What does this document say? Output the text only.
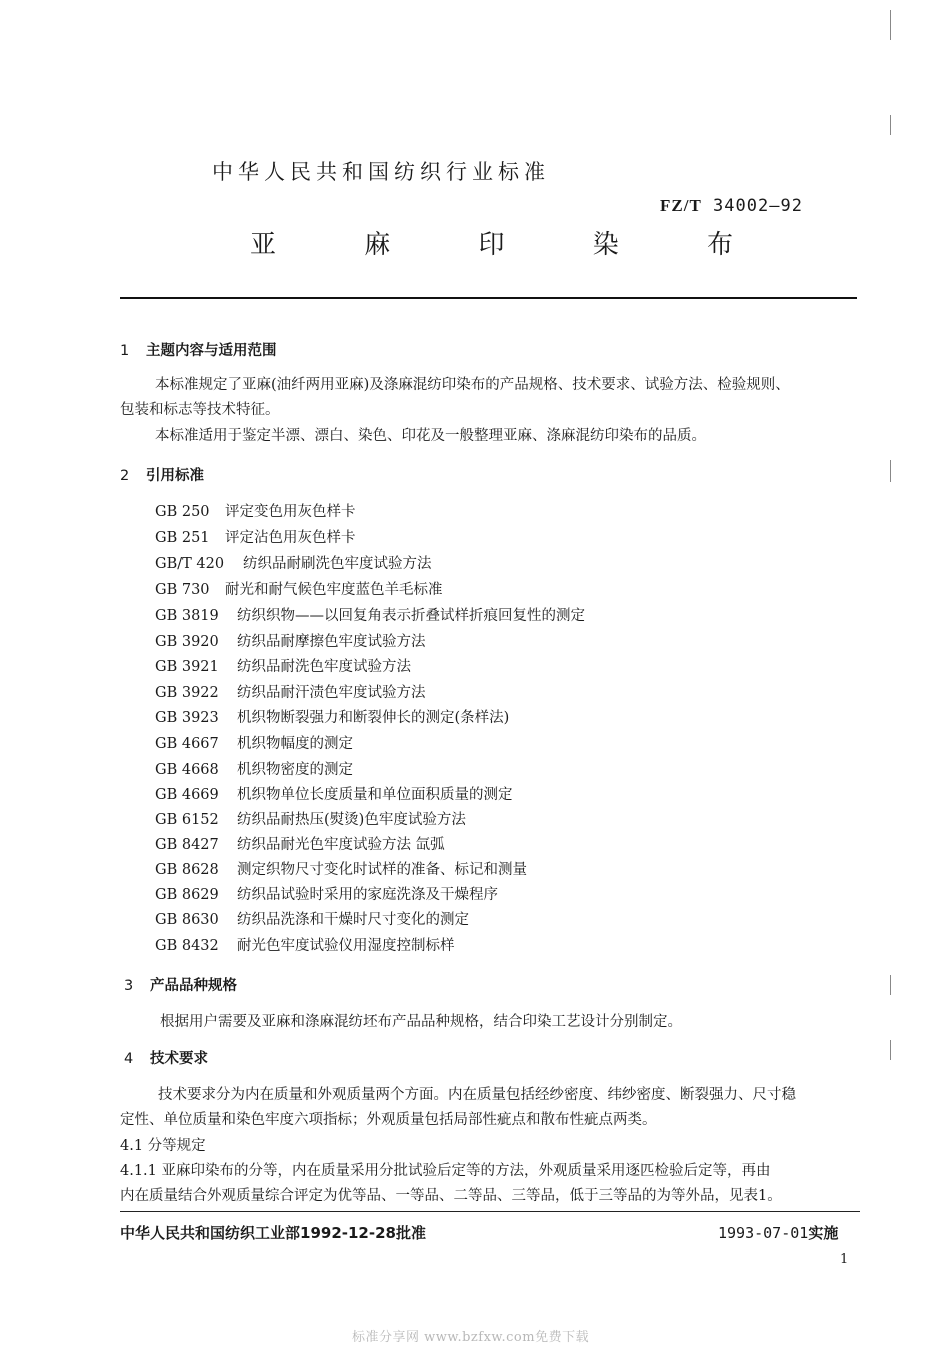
中华人民共和国纺织行业标准
FZ/T 34002—92
亚 麻 印 染 布
1 主题内容与适用范围
本标准规定了亚麻(油纤两用亚麻)及涤麻混纺印染布的产品规格、技术要求、试验方法、检验规则、
包装和标志等技术特征。
本标准适用于鉴定半漂、漂白、染色、印花及一般整理亚麻、涤麻混纺印染布的品质。
2 引用标准
GB 250 评定变色用灰色样卡
GB 251 评定沾色用灰色样卡
GB/T 420 纺织品耐刷洗色牢度试验方法
GB 730 耐光和耐气候色牢度蓝色羊毛标准
GB 3819 纺织织物——以回复角表示折叠试样折痕回复性的测定
GB 3920 纺织品耐摩擦色牢度试验方法
GB 3921 纺织品耐洗色牢度试验方法
GB 3922 纺织品耐汗渍色牢度试验方法
GB 3923 机织物断裂强力和断裂伸长的测定(条样法)
GB 4667 机织物幅度的测定
GB 4668 机织物密度的测定
GB 4669 机织物单位长度质量和单位面积质量的测定
GB 6152 纺织品耐热压(熨烫)色牢度试验方法
GB 8427 纺织品耐光色牢度试验方法 氙弧
GB 8628 测定织物尺寸变化时试样的准备、标记和测量
GB 8629 纺织品试验时采用的家庭洗涤及干燥程序
GB 8630 纺织品洗涤和干燥时尺寸变化的测定
GB 8432 耐光色牢度试验仪用湿度控制标样
3 产品品种规格
根据用户需要及亚麻和涤麻混纺坯布产品品种规格，结合印染工艺设计分别制定。
4 技术要求
技术要求分为内在质量和外观质量两个方面。内在质量包括经纱密度、纬纱密度、断裂强力、尺寸稳
定性、单位质量和染色牢度六项指标；外观质量包括局部性疵点和散布性疵点两类。
4.1 分等规定
4.1.1 亚麻印染布的分等，内在质量采用分批试验后定等的方法，外观质量采用逐匹检验后定等，再由
内在质量结合外观质量综合评定为优等品、一等品、二等品、三等品，低于三等品的为等外品，见表1。
中华人民共和国纺织工业部1992-12-28批准	1993-07-01实施
1
标准分享网 www.bzfxw.com免费下载
